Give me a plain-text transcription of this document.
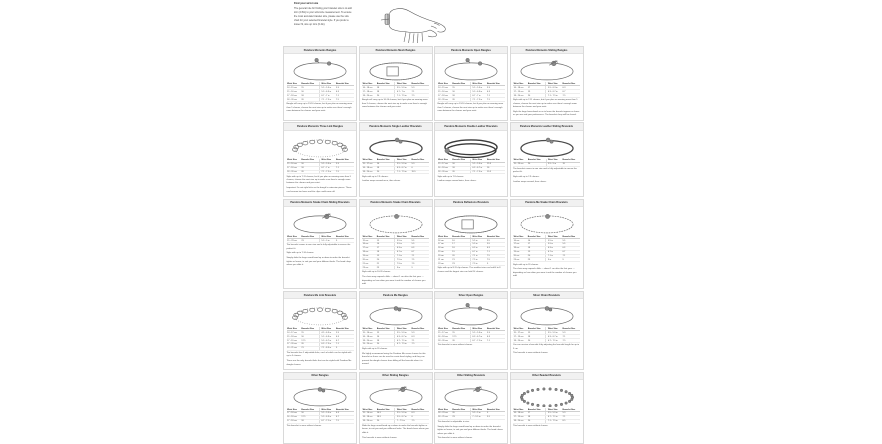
Find your wrist size
The general rule for finding your bracelet size is to add 2cm (0.8in) to your wrist size measurement. To ensure the most accurate bracelet size, please use the size chart for your selected bracelet style. If you prefer a looser fit, size up 1cm (0.4in).
Pandora Moments Bangles
Wrist Size	Bracelet Size	Wrist Size	Bracelet Size
14 - 15 cm	15	5.5 - 5.9 in	5.9
15 - 16 cm	16	5.9 - 6.3 in	6.3
17 - 18 cm	18	6.7 - 7 in	7.1
18 - 20 cm	20	7.1 - 7.5 in	7.5
Bangle will carry up to 13-16 charms, but if you plan on wearing more than 5 charms, choose the next size up to make sure there's enough room between the charms and your wrist.
Pandora Moments Mesh Bangles
Wrist Size	Bracelet Size	Wrist Size	Bracelet Size
16 - 18 cm	18	5.5 - 5.9 in	5.9
17 - 18 cm	18	6.7 - 7 in	7.1
18 - 20 cm	20	7.1 - 7.5 in	7.5
Bangle will carry up to 10-14 charms, but if you plan on wearing more than 5 charms, choose the next size up to make sure there's enough room between the charms and your wrist.
Pandora Moments Open Bangles
Wrist Size	Bracelet Size	Wrist Size	Bracelet Size
14 - 15 cm	15	5.5 - 5.9 in	5.9
15 - 16 cm	16	5.9 - 6.3 in	6.3
17 - 18 cm	18	6.7 - 7 in	7.1
18 - 20 cm	20	7.1 - 7.5 in	7.5
Bangle will carry up to 13-16 charms, but if you plan on wearing more than 5 charms, choose the next size up to make sure there's enough room between the charms and your wrist.
Pandora Moments Sliding Bangles
Wrist Size	Bracelet Size	Wrist Size	Bracelet Size
16 - 18 cm	17	5.9 - 6.3 in	6.3
17 - 19 cm	19	6.3 - 6.7 in	6.7
18 - 20 cm	20	7.1 - 7.5 in	7.5
Style with up to 7-11 charms, but if you plan on wearing more than 5 charms, choose the next size up to make sure there's enough room between the charms and your wrist.
Style the large loose-band so as to leave the bracelet appear as loose as you are and your preferences. The bracelet clasp will be closed.
Pandora Moments Three Link Bangles
Wrist Size	Bracelet Size	Wrist Size	Bracelet Size
15 - 16 cm	16	5.5 - 5.9 in	5.9
17 - 18 cm	18	6.7 - 7 in	7.1
18 - 20 cm	20	7.1 - 7.5 in	7.5
Style with up to 7-11 charms, but if you plan on wearing more than 5 charms, choose the next size up to make sure there's enough room between the charms and your wrist.
Important: Do not style links on the bangle's extension pieces. These can become too loose and the clips could come off.
Pandora Moments Single Leather Bracelets
Wrist Size	Bracelet Size	Wrist Size	Bracelet Size
15 - 17 cm	16	5.5 - 5.9 in	5.9
16 - 18 cm	18	6.3 - 6.7 in	6
18 - 20 cm	20	7.1 - 7.5 in	19.5
Style with up to 7-9 charms.
Leather wraps around once, then closes.
Pandora Moments Double Leather Bracelets
Wrist Size	Bracelet Size	Wrist Size	Bracelet Size
15 - 17 cm	16	5.5 - 5.9 in	15.9
16 - 18 cm	18	6.3 - 6.7 in	16
18 - 20 cm	20	7.1 - 7.5 in	19.5
Style with up to 7-9 charms.
Leather wraps around twice, then closes.
Pandora Moments Leather Sliding Bracelets
Wrist Size	Bracelet Size	Wrist Size	Bracelet Size
15 - 23 cm	20	5.9 - 9 in	19
The bracelet comes in one size and is fully adjustable to ensure the perfect fit.
Style with up to 7-9 charms.
Leather wraps around, then closes.
Pandora Moments Snake Chain Sliding Bracelets
Wrist Size	Bracelet Size	Wrist Size	Bracelet Size
15 - 23 cm	23	5.9 - 9 in	9
The bracelet comes in one size and is fully adjustable to ensure the perfect fit.
Style with up to 7-10 charms.
Simply slide the large round bead up or down to make the bracelet tighter or looser, to suit you and your different looks. The band clasp where you slide it.
Pandora Moments Snake Chain Bracelets
Wrist Size	Bracelet Size	Wrist Size	Bracelet Size
15 cm	15	5.5 in	5.5
16 cm	16	5.9 in	5.9
17 cm	17	6.3 in	6.3
18 cm	18	6.7 in	6.7
19 cm	19	7.1 in	7.1
20 cm	20	7.5 in	7.5
21 cm	21	7.9 in	7.9
23 cm	23	9 in	9
Style with up to 10-20 charms.
The chain may expand a little — about 1 cm after the first year — depending on how often you wear it and the number of charms you add.
Pandora Reflexions Bracelets
Wrist Size	Bracelet Size	Wrist Size	Bracelet Size
16 cm	16	5.5 in	5.5
17 cm	17	5.9 in	5.9
18 cm	18	6.3 in	6.3
19 cm	19	6.7 in	7.1
20 cm	20	7.1 in	7.5
21 cm	21	7.5 in	7.9
23 cm	23	7.9 in	9
Style with up to 8-11 clip charms. The smallest size can hold 4 to 8 charms and the largest size can hold 14 charms.
Pandora Me Snake Chain Bracelets
Wrist Size	Bracelet Size	Wrist Size	Bracelet Size
16 cm	16	5.5 in	5.5
17 cm	17	5.9 in	5.9
18 cm	18	6.3 in	6.3
19 cm	19	6.7 in	6.7
20 cm	20	7.1 in	7.1
23 cm	23	9 in	9
Style with up to 20 charms.
The chain may expand a little — about 1 cm after the first year — depending on how often you wear it and the number of charms you add.
Pandora Me Link Bracelets
Wrist Size	Bracelet Size	Wrist Size	Bracelet Size
14 - 17 cm	15	4.5 - 6.3 in	5.9
15 - 18 cm	16	5.5 - 6.3 in	6.3
17 - 19 cm	17.5	5.9 - 6.7 in	6.7
17 - 20 cm	20	6.3 - 7.5 in	7.1
19 - 21 cm	21	7.1 - 8.3 in	9
The bracelet has 5 adjustable links, each of which can be styled with up to 5 charms.
These are the only bracelet links that can be styled with Pandora Me dangle charms.
Pandora Me Bangles
Wrist Size	Bracelet Size	Wrist Size	Bracelet Size
15 - 16 cm	15	5.5 - 5.9 in	5.9
16 - 18 cm	16	6.3 - 6.7 in	6.3
18 - 20 cm	18	6.7 - 7.1 in	7.1
19 - 20 cm	20	6.7 - 7.5 in	7.5
Style with up to 20 charms.
We highly recommend using the Pandora Me screw charms for this bracelet as these can be used to create fixed styling, and they can prevent the dangle charms from falling off the bracelet when it is moved.
Silver Open Bangles
Wrist Size	Bracelet Size	Wrist Size	Bracelet Size
15 - 17 cm	15	5.5 - 5.9 in	5.9
16 - 18 cm	17.5	6.3 - 6.7 in	6.3
18 - 20 cm	20	6.7 - 7.1 in	7.1
This bracelet is worn without charms.
Silver Chain Bracelets
Wrist Size	Bracelet Size	Wrist Size	Bracelet Size
15 - 17 cm	15	5.5 - 5.9 in	5.9
17 - 19 cm	18	6.3 - 6.7 in	7.1
18 - 20 cm	20	6.7 - 7.1 in	7.5
You can receive a bracelet fit by adjusting the bracelet length for up to 3 cm.
This bracelet is worn without charms.
Other Bangles
Wrist Size	Bracelet Size	Wrist Size	Bracelet Size
17 - 18 cm	16	5.5 - 5.9 in	6.3
16 - 18 cm	17.5	5.9 - 6.3 in	6.7
17 - 18 cm	18	6.7 - 7.1 in	7.5
This bracelet is worn without charms.
Other Sliding Bangles
Wrist Size	Bracelet Size	Wrist Size	Bracelet Size
15 - 16 cm	16.5	5.5 - 5.9 in	6.3
16 - 18 cm	18.5	5.9 - 6.7 in	6
18 - 20 cm	20	7 - 7.5 in	7.5
Slide the large round bead up or down to make the bracelet tighter or looser, to suit you and your different looks. The band closes where you slide it.
This bracelet is worn without charms.
Other Sliding Bracelets
Wrist Size	Bracelet Size	Wrist Size	Bracelet Size
18 - 23 cm	20	5.9 - 9 in	9
18 - 25 cm	23	7 - 9.5 in	9.5
This bracelet is adjustable in size.
Simply slide the large round bead up or down to make the bracelet tighter or looser, to suit you and your different looks. The band closes where you slide it.
This bracelet is worn without charms.
Other Beaded Bracelets
Wrist Size	Bracelet Size	Wrist Size	Bracelet Size
16 - 18 cm	17	5.5 - 5.9 in	5.9
17 - 19 cm	18	6.7 - 7.1 in	7.1
18 - 20 cm	20	7.1 - 7.5 in	8.5
This bracelet is worn without charms.
